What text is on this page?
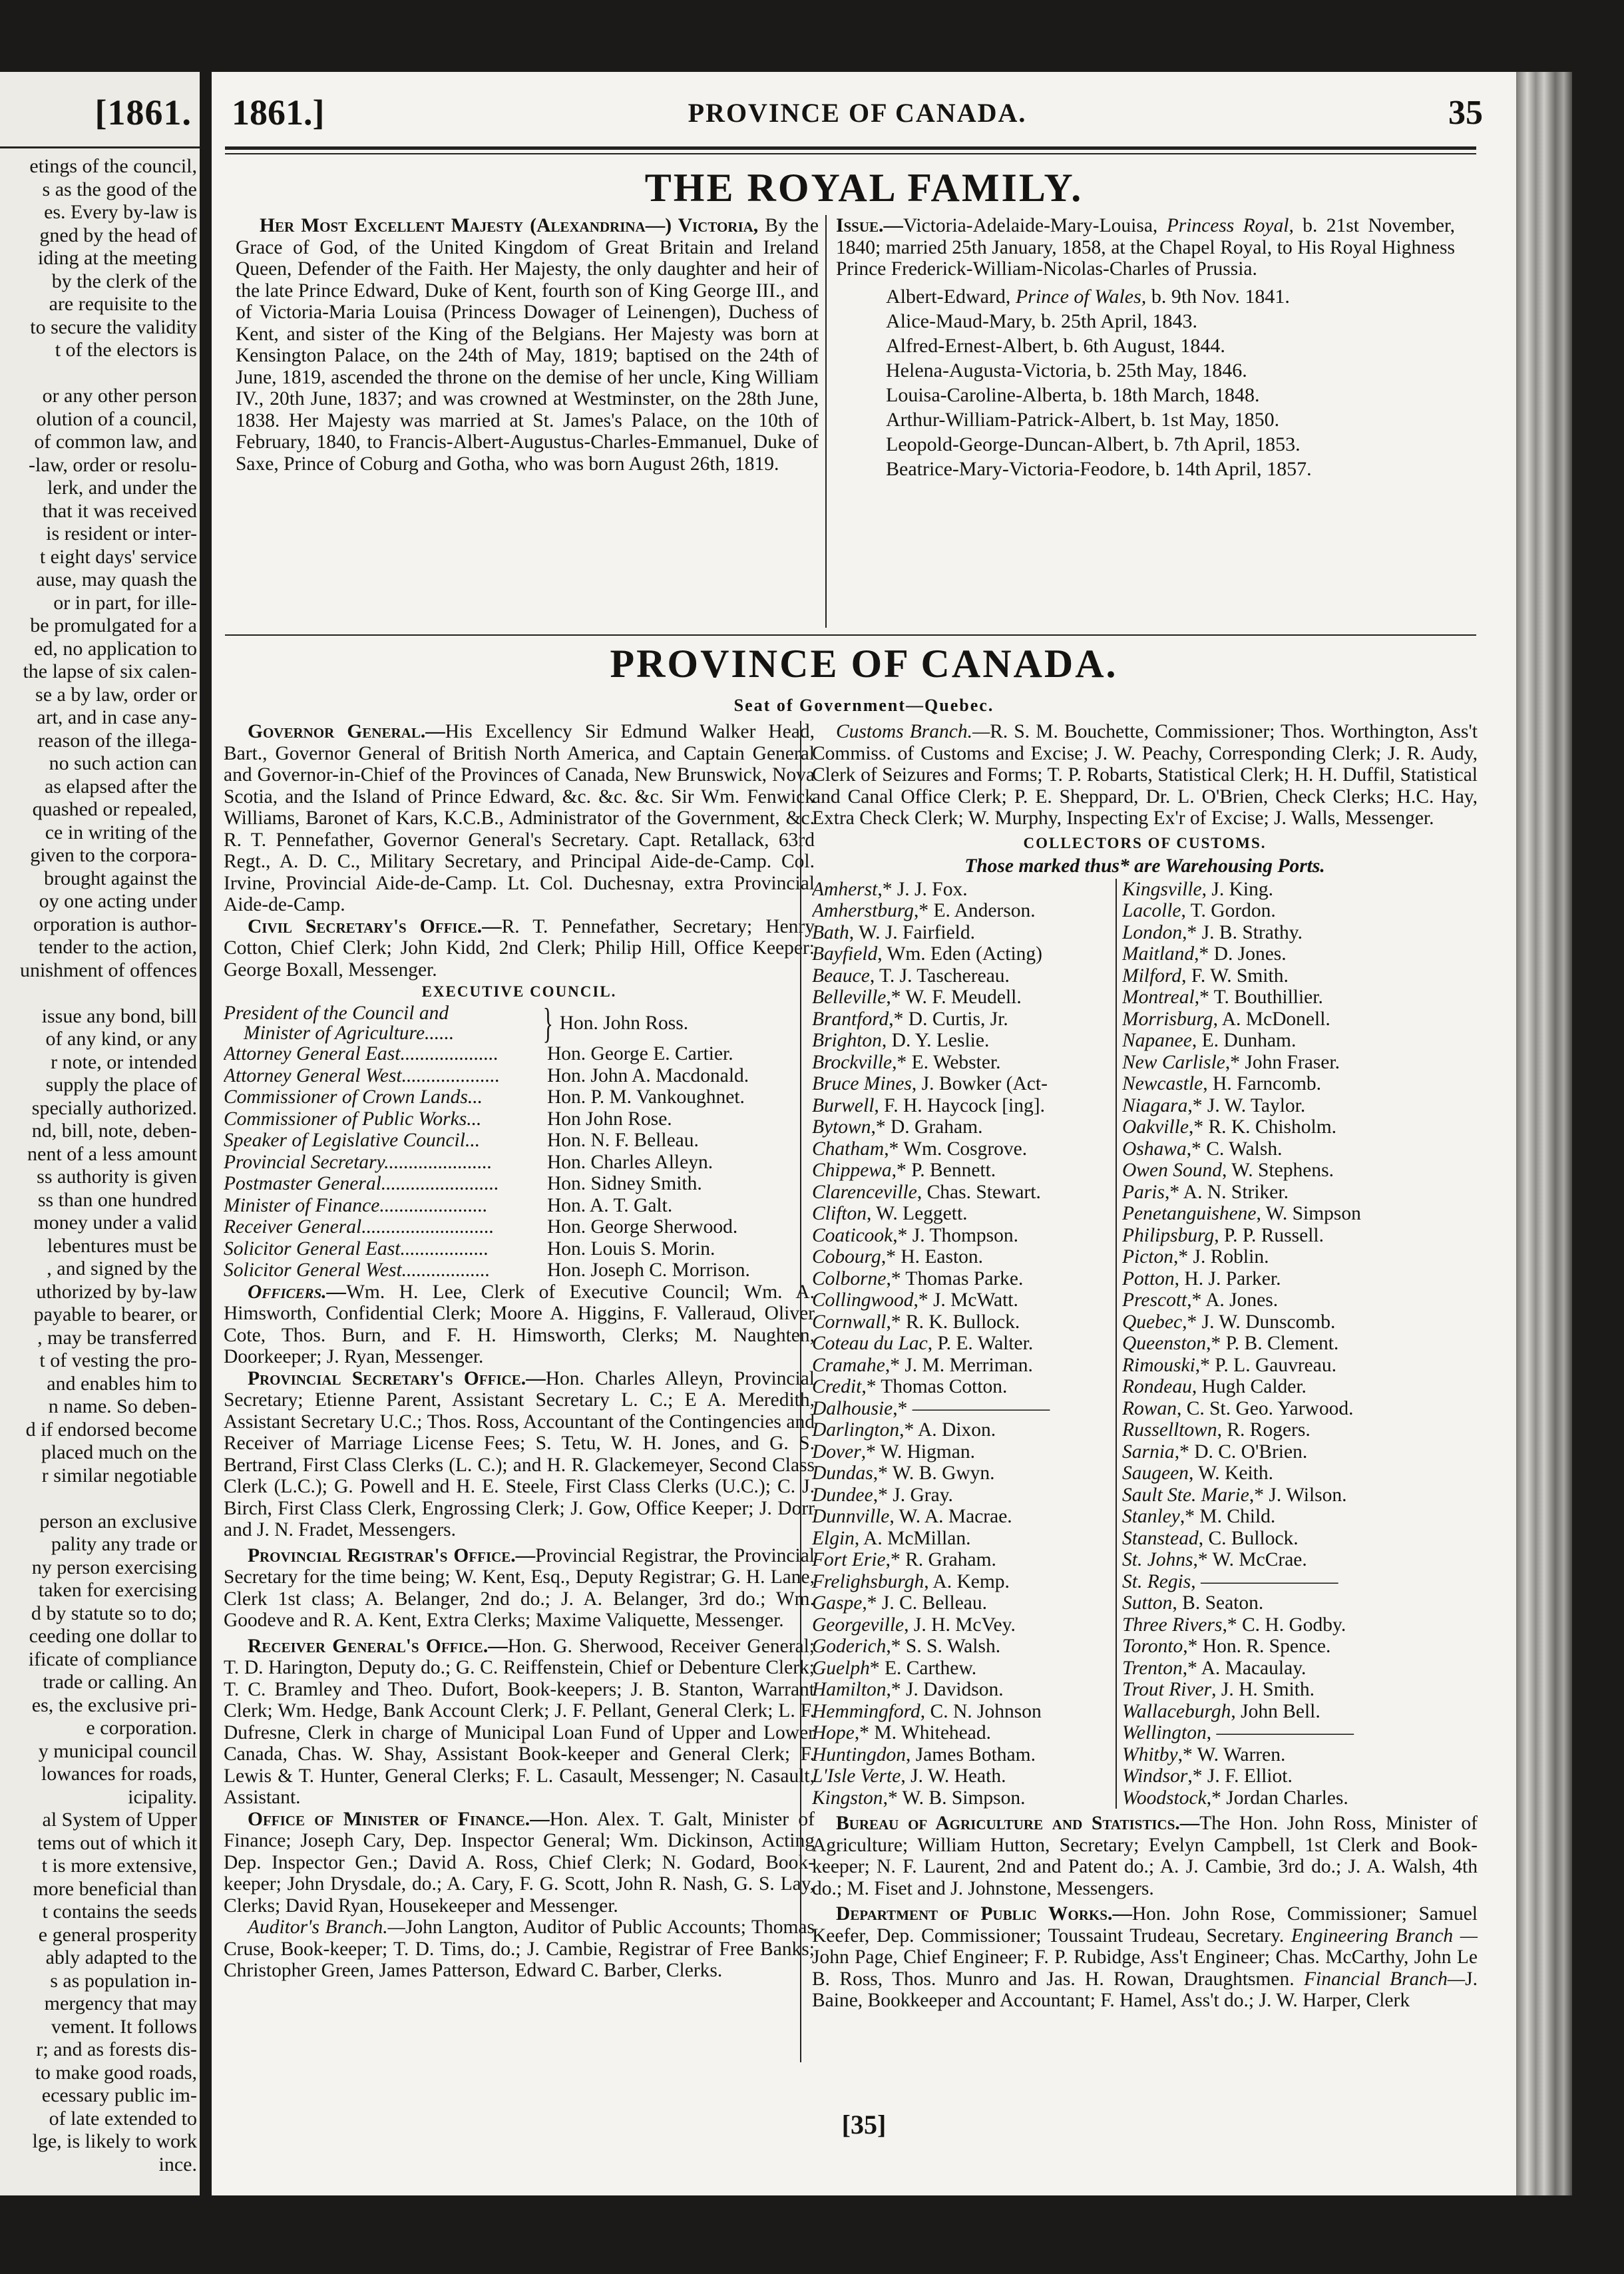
[1861.
etings of the council,
s as the good of the
es. Every by-law is
gned by the head of
iding at the meeting
by the clerk of the
are requisite to the
to secure the validity
t of the electors is
or any other person
olution of a council,
of common law, and
-law, order or resolu-
lerk, and under the
that it was received
is resident or inter-
t eight days' service
ause, may quash the
or in part, for ille-
be promulgated for a
ed, no application to
the lapse of six calen-
se a by law, order or
art, and in case any-
reason of the illega-
no such action can
as elapsed after the
quashed or repealed,
ce in writing of the
given to the corpora-
brought against the
oy one acting under
orporation is author-
tender to the action,
unishment of offences
issue any bond, bill
of any kind, or any
r note, or intended
supply the place of
specially authorized.
nd, bill, note, deben-
nent of a less amount
ss authority is given
ss than one hundred
money under a valid
lebentures must be
, and signed by the
uthorized by by-law
payable to bearer, or
, may be transferred
t of vesting the pro-
and enables him to
n name. So deben-
d if endorsed become
placed much on the
r similar negotiable
person an exclusive
pality any trade or
ny person exercising
taken for exercising
d by statute so to do;
ceeding one dollar to
ificate of compliance
trade or calling. An
es, the exclusive pri-
e corporation.
y municipal council
lowances for roads,
icipality.
al System of Upper
tems out of which it
t is more extensive,
more beneficial than
t contains the seeds
e general prosperity
ably adapted to the
s as population in-
mergency that may
vement. It follows
r; and as forests dis-
to make good roads,
ecessary public im-
of late extended to
lge, is likely to work
ince.
1861.]	PROVINCE OF CANADA.	35
THE ROYAL FAMILY.

Her Most Excellent Majesty (Alexandrina—) Victoria, By the Grace of God, of the United Kingdom of Great Britain and Ireland Queen, Defender of the Faith. Her Majesty, the only daughter and heir of the late Prince Edward, Duke of Kent, fourth son of King George III., and of Victoria-Maria Louisa (Princess Dowager of Leinengen), Duchess of Kent, and sister of the King of the Belgians. Her Majesty was born at Kensington Palace, on the 24th of May, 1819; baptised on the 24th of June, 1819, ascended the throne on the demise of her uncle, King William IV., 20th June, 1837; and was crowned at Westminster, on the 28th June, 1838. Her Majesty was married at St. James's Palace, on the 10th of February, 1840, to Francis-Albert-Augustus-Charles-Emmanuel, Duke of Saxe, Prince of Coburg and Gotha, who was born August 26th, 1819.

Issue.—Victoria-Adelaide-Mary-Louisa, Princess Royal, b. 21st November, 1840; married 25th January, 1858, at the Chapel Royal, to His Royal Highness Prince Frederick-William-Nicolas-Charles of Prussia.

Albert-Edward, Prince of Wales, b. 9th Nov. 1841.
Alice-Maud-Mary, b. 25th April, 1843.
Alfred-Ernest-Albert, b. 6th August, 1844.
Helena-Augusta-Victoria, b. 25th May, 1846.
Louisa-Caroline-Alberta, b. 18th March, 1848.
Arthur-William-Patrick-Albert, b. 1st May, 1850.
Leopold-George-Duncan-Albert, b. 7th April, 1853.
Beatrice-Mary-Victoria-Feodore, b. 14th April, 1857.
PROVINCE OF CANADA.
Seat of Government—Quebec.

Governor General.—His Excellency Sir Edmund Walker Head, Bart., Governor General of British North America, and Captain General and Governor-in-Chief of the Provinces of Canada, New Brunswick, Nova Scotia, and the Island of Prince Edward, &c. &c. &c. Sir Wm. Fenwick Williams, Baronet of Kars, K.C.B., Administrator of the Government, &c. R. T. Pennefather, Governor General's Secretary. Capt. Retallack, 63rd Regt., A. D. C., Military Secretary, and Principal Aide-de-Camp. Col. Irvine, Provincial Aide-de-Camp. Lt. Col. Duchesnay, extra Provincial Aide-de-Camp.

Civil Secretary's Office.—R. T. Pennefather, Secretary; Henry Cotton, Chief Clerk; John Kidd, 2nd Clerk; Philip Hill, Office Keeper: George Boxall, Messenger.

EXECUTIVE COUNCIL.
President of the Council and
Minister of Agriculture......	} Hon. John Ross.
Attorney General East....................	Hon. George E. Cartier.
Attorney General West....................	Hon. John A. Macdonald.
Commissioner of Crown Lands...	Hon. P. M. Vankoughnet.
Commissioner of Public Works...	Hon John Rose.
Speaker of Legislative Council...	Hon. N. F. Belleau.
Provincial Secretary......................	Hon. Charles Alleyn.
Postmaster General........................	Hon. Sidney Smith.
Minister of Finance......................	Hon. A. T. Galt.
Receiver General...........................	Hon. George Sherwood.
Solicitor General East..................	Hon. Louis S. Morin.
Solicitor General West..................	Hon. Joseph C. Morrison.

Officers.—Wm. H. Lee, Clerk of Executive Council; Wm. A. Himsworth, Confidential Clerk; Moore A. Higgins, F. Valleraud, Oliver Cote, Thos. Burn, and F. H. Himsworth, Clerks; M. Naughten, Doorkeeper; J. Ryan, Messenger.

Provincial Secretary's Office.—Hon. Charles Alleyn, Provincial Secretary; Etienne Parent, Assistant Secretary L. C.; E A. Meredith, Assistant Secretary U.C.; Thos. Ross, Accountant of the Contingencies and Receiver of Marriage License Fees; S. Tetu, W. H. Jones, and G. S. Bertrand, First Class Clerks (L. C.); and H. R. Glackemeyer, Second Class Clerk (L.C.); G. Powell and H. E. Steele, First Class Clerks (U.C.); C. J. Birch, First Class Clerk, Engrossing Clerk; J. Gow, Office Keeper; J. Dorr and J. N. Fradet, Messengers.

Provincial Registrar's Office.—Provincial Registrar, the Provincial Secretary for the time being; W. Kent, Esq., Deputy Registrar; G. H. Lane, Clerk 1st class; A. Belanger, 2nd do.; J. A. Belanger, 3rd do.; Wm. Goodeve and R. A. Kent, Extra Clerks; Maxime Valiquette, Messenger.

Receiver General's Office.—Hon. G. Sherwood, Receiver General; T. D. Harington, Deputy do.; G. C. Reiffenstein, Chief or Debenture Clerk; T. C. Bramley and Theo. Dufort, Book-keepers; J. B. Stanton, Warrant Clerk; Wm. Hedge, Bank Account Clerk; J. F. Pellant, General Clerk; L. F. Dufresne, Clerk in charge of Municipal Loan Fund of Upper and Lower Canada, Chas. W. Shay, Assistant Book-keeper and General Clerk; F. Lewis & T. Hunter, General Clerks; F. L. Casault, Messenger; N. Casault, Assistant.

Office of Minister of Finance.—Hon. Alex. T. Galt, Minister of Finance; Joseph Cary, Dep. Inspector General; Wm. Dickinson, Acting Dep. Inspector Gen.; David A. Ross, Chief Clerk; N. Godard, Book-keeper; John Drysdale, do.; A. Cary, F. G. Scott, John R. Nash, G. S. Lay, Clerks; David Ryan, Housekeeper and Messenger.

Auditor's Branch.—John Langton, Auditor of Public Accounts; Thomas Cruse, Book-keeper; T. D. Tims, do.; J. Cambie, Registrar of Free Banks; Christopher Green, James Patterson, Edward C. Barber, Clerks.

Customs Branch.—R. S. M. Bouchette, Commissioner; Thos. Worthington, Ass't Commiss. of Customs and Excise; J. W. Peachy, Corresponding Clerk; J. R. Audy, Clerk of Seizures and Forms; T. P. Robarts, Statistical Clerk; H. H. Duffil, Statistical and Canal Office Clerk; P. E. Sheppard, Dr. L. O'Brien, Check Clerks; H.C. Hay, Extra Check Clerk; W. Murphy, Inspecting Ex'r of Excise; J. Walls, Messenger.

COLLECTORS OF CUSTOMS.
Those marked thus* are Warehousing Ports.
Amherst,* J. J. Fox.
Amherstburg,* E. Anderson.
Bath, W. J. Fairfield.
Bayfield, Wm. Eden (Acting)
Beauce, T. J. Taschereau.
Belleville,* W. F. Meudell.
Brantford,* D. Curtis, Jr.
Brighton, D. Y. Leslie.
Brockville,* E. Webster.
Bruce Mines, J. Bowker (Act-
Burwell, F. H. Haycock [ing].
Bytown,* D. Graham.
Chatham,* Wm. Cosgrove.
Chippewa,* P. Bennett.
Clarenceville, Chas. Stewart.
Clifton, W. Leggett.
Coaticook,* J. Thompson.
Cobourg,* H. Easton.
Colborne,* Thomas Parke.
Collingwood,* J. McWatt.
Cornwall,* R. K. Bullock.
Coteau du Lac, P. E. Walter.
Cramahe,* J. M. Merriman.
Credit,* Thomas Cotton.
Dalhousie,* ———————
Darlington,* A. Dixon.
Dover,* W. Higman.
Dundas,* W. B. Gwyn.
Dundee,* J. Gray.
Dunnville, W. A. Macrae.
Elgin, A. McMillan.
Fort Erie,* R. Graham.
Frelighsburgh, A. Kemp.
Gaspe,* J. C. Belleau.
Georgeville, J. H. McVey.
Goderich,* S. S. Walsh.
Guelph* E. Carthew.
Hamilton,* J. Davidson.
Hemmingford, C. N. Johnson
Hope,* M. Whitehead.
Huntingdon, James Botham.
L'Isle Verte, J. W. Heath.
Kingston,* W. B. Simpson.
Kingsville, J. King.
Lacolle, T. Gordon.
London,* J. B. Strathy.
Maitland,* D. Jones.
Milford, F. W. Smith.
Montreal,* T. Bouthillier.
Morrisburg, A. McDonell.
Napanee, E. Dunham.
New Carlisle,* John Fraser.
Newcastle, H. Farncomb.
Niagara,* J. W. Taylor.
Oakville,* R. K. Chisholm.
Oshawa,* C. Walsh.
Owen Sound, W. Stephens.
Paris,* A. N. Striker.
Penetanguishene, W. Simpson
Philipsburg, P. P. Russell.
Picton,* J. Roblin.
Potton, H. J. Parker.
Prescott,* A. Jones.
Quebec,* J. W. Dunscomb.
Queenston,* P. B. Clement.
Rimouski,* P. L. Gauvreau.
Rondeau, Hugh Calder.
Rowan, C. St. Geo. Yarwood.
Russelltown, R. Rogers.
Sarnia,* D. C. O'Brien.
Saugeen, W. Keith.
Sault Ste. Marie,* J. Wilson.
Stanley,* M. Child.
Stanstead, C. Bullock.
St. Johns,* W. McCrae.
St. Regis, ———————
Sutton, B. Seaton.
Three Rivers,* C. H. Godby.
Toronto,* Hon. R. Spence.
Trenton,* A. Macaulay.
Trout River, J. H. Smith.
Wallaceburgh, John Bell.
Wellington, ———————
Whitby,* W. Warren.
Windsor,* J. F. Elliot.
Woodstock,* Jordan Charles.

Bureau of Agriculture and Statistics.—The Hon. John Ross, Minister of Agriculture; William Hutton, Secretary; Evelyn Campbell, 1st Clerk and Book-keeper; N. F. Laurent, 2nd and Patent do.; A. J. Cambie, 3rd do.; J. A. Walsh, 4th do.; M. Fiset and J. Johnstone, Messengers.

Department of Public Works.—Hon. John Rose, Commissioner; Samuel Keefer, Dep. Commissioner; Toussaint Trudeau, Secretary. Engineering Branch — John Page, Chief Engineer; F. P. Rubidge, Ass't Engineer; Chas. McCarthy, John Le B. Ross, Thos. Munro and Jas. H. Rowan, Draughtsmen. Financial Branch—J. Baine, Bookkeeper and Accountant; F. Hamel, Ass't do.; J. W. Harper, Clerk

[35]
